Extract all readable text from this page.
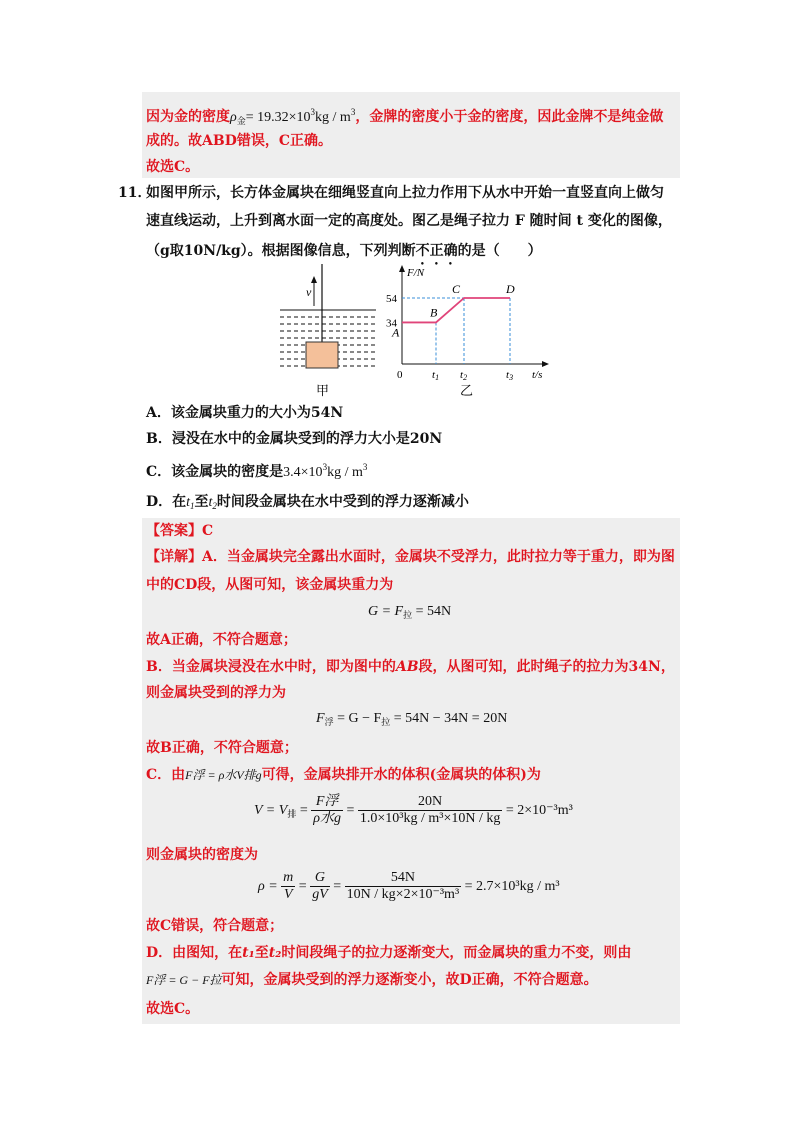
因为金的密度$\rho_金= 19.32\times 10^3kg / m^3$，金牌的密度小于金的密度，因此金牌不是纯金做
成的。故ABD错误，C正确。
故选C。
11．
如图甲所示，长方体金属块在细绳竖直向上拉力作用下从水中开始一直竖直向上做匀
速直线运动，上升到离水面一定的高度处。图乙是绳子拉力 F 随时间 t 变化的图像，
（g取10N/kg）。根据图像信息，下列判断不正确的是（　　）
v
甲
F/N
t/s
0
34
54
t1 t2	t3
A
B
C	D
乙
A．该金属块重力的大小为54N
B．浸没在水中的金属块受到的浮力大小是20N
C．该金属块的密度是$3.4\times 10^3kg / m^3$
D．在$t_1$至$t_2$时间段金属块在水中受到的浮力逐渐减小
【答案】C
【详解】A．当金属块完全露出水面时，金属块不受浮力，此时拉力等于重力，即为图
中的CD段，从图可知，该金属块重力为
$G = F_拉 = 54N$
故A正确，不符合题意；
B．当金属块浸没在水中时，即为图中的AB段，从图可知，此时绳子的拉力为34N，
则金属块受到的浮力为
$F_浮 = G - F_拉 = 54N - 34N = 20N$
故B正确，不符合题意；
C．由F浮 = ρ水V排g可得，金属块排开水的体积(金属块的体积)为
$V = V_排 = \frac{\text{F浮}}{\text{ρ水g}} = \frac{20N}{\text{1.0×10³kg / m³×10N / kg}} = 2\times 10^{-3}m^3$
则金属块的密度为
$\rho = \frac{m}{V} = \frac{G}{gV} = \frac{54N}{\text{10N / kg×2×10⁻³m³}} = 2.7\times 10^3kg / m^3$
故C错误，符合题意；
D．由图知，在t₁至t₂时间段绳子的拉力逐渐变大，而金属块的重力不变，则由
F浮 = G − F拉可知，金属块受到的浮力逐渐变小，故D正确，不符合题意。
故选C。
